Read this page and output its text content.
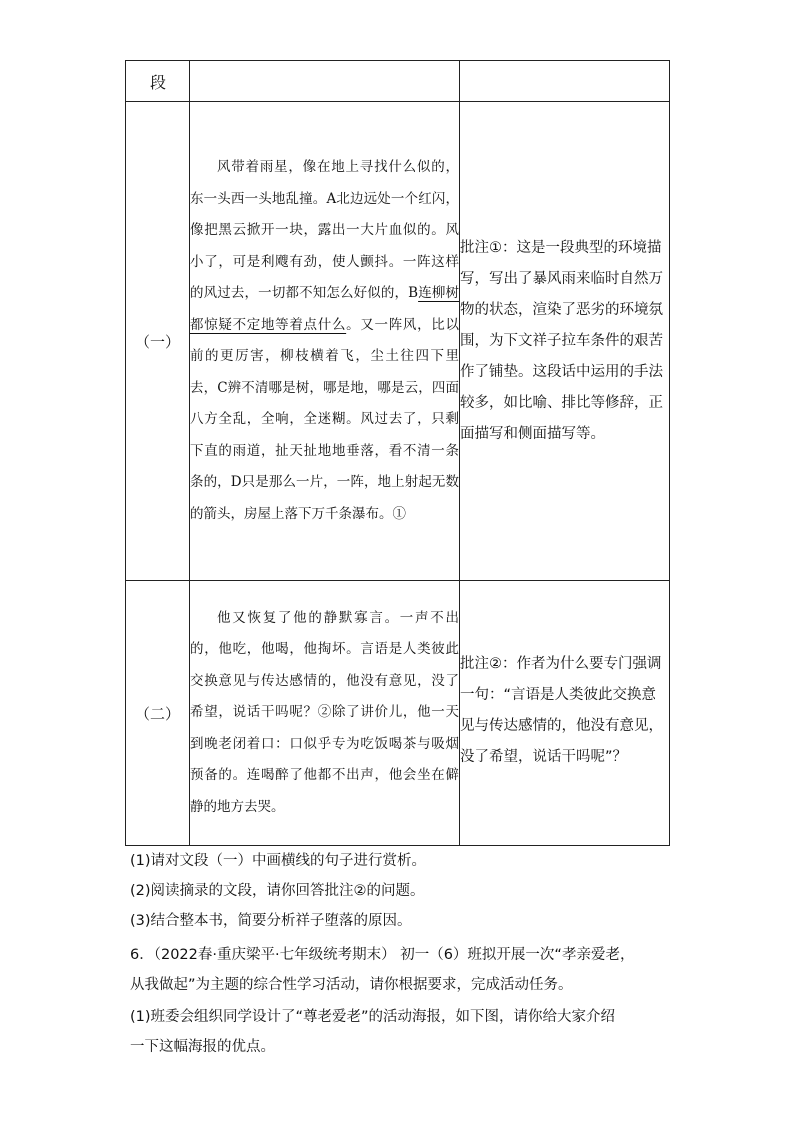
段		
（一）	风带着雨星，像在地上寻找什么似的，东一头西一头地乱撞。A北边远处一个红闪，像把黑云掀开一块，露出一大片血似的。风小了，可是利飕有劲，使人颤抖。一阵这样的风过去，一切都不知怎么好似的，B连柳树都惊疑不定地等着点什么。又一阵风，比以前的更厉害，柳枝横着飞，尘土往四下里去，C辨不清哪是树，哪是地，哪是云，四面八方全乱，全响，全迷糊。风过去了，只剩下直的雨道，扯天扯地地垂落，看不清一条条的，D只是那么一片，一阵，地上射起无数的箭头，房屋上落下万千条瀑布。①	批注①：这是一段典型的环境描写，写出了暴风雨来临时自然万物的状态，渲染了恶劣的环境氛围，为下文祥子拉车条件的艰苦作了铺垫。这段话中运用的手法较多，如比喻、排比等修辞，正面描写和侧面描写等。
（二）	他又恢复了他的静默寡言。一声不出的，他吃，他喝，他掏坏。言语是人类彼此交换意见与传达感情的，他没有意见，没了希望，说话干吗呢？②除了讲价儿，他一天到晚老闭着口：口似乎专为吃饭喝茶与吸烟预备的。连喝醉了他都不出声，他会坐在僻静的地方去哭。	批注②：作者为什么要专门强调一句：“言语是人类彼此交换意见与传达感情的，他没有意见，没了希望，说话干吗呢”？
(1)请对文段（一）中画横线的句子进行赏析。
(2)阅读摘录的文段，请你回答批注②的问题。
(3)结合整本书，简要分析祥子堕落的原因。
6．（2022春·重庆梁平·七年级统考期末） 初一（6）班拟开展一次“孝亲爱老，
从我做起”为主题的综合性学习活动，请你根据要求，完成活动任务。
(1)班委会组织同学设计了“尊老爱老”的活动海报，如下图，请你给大家介绍
一下这幅海报的优点。
